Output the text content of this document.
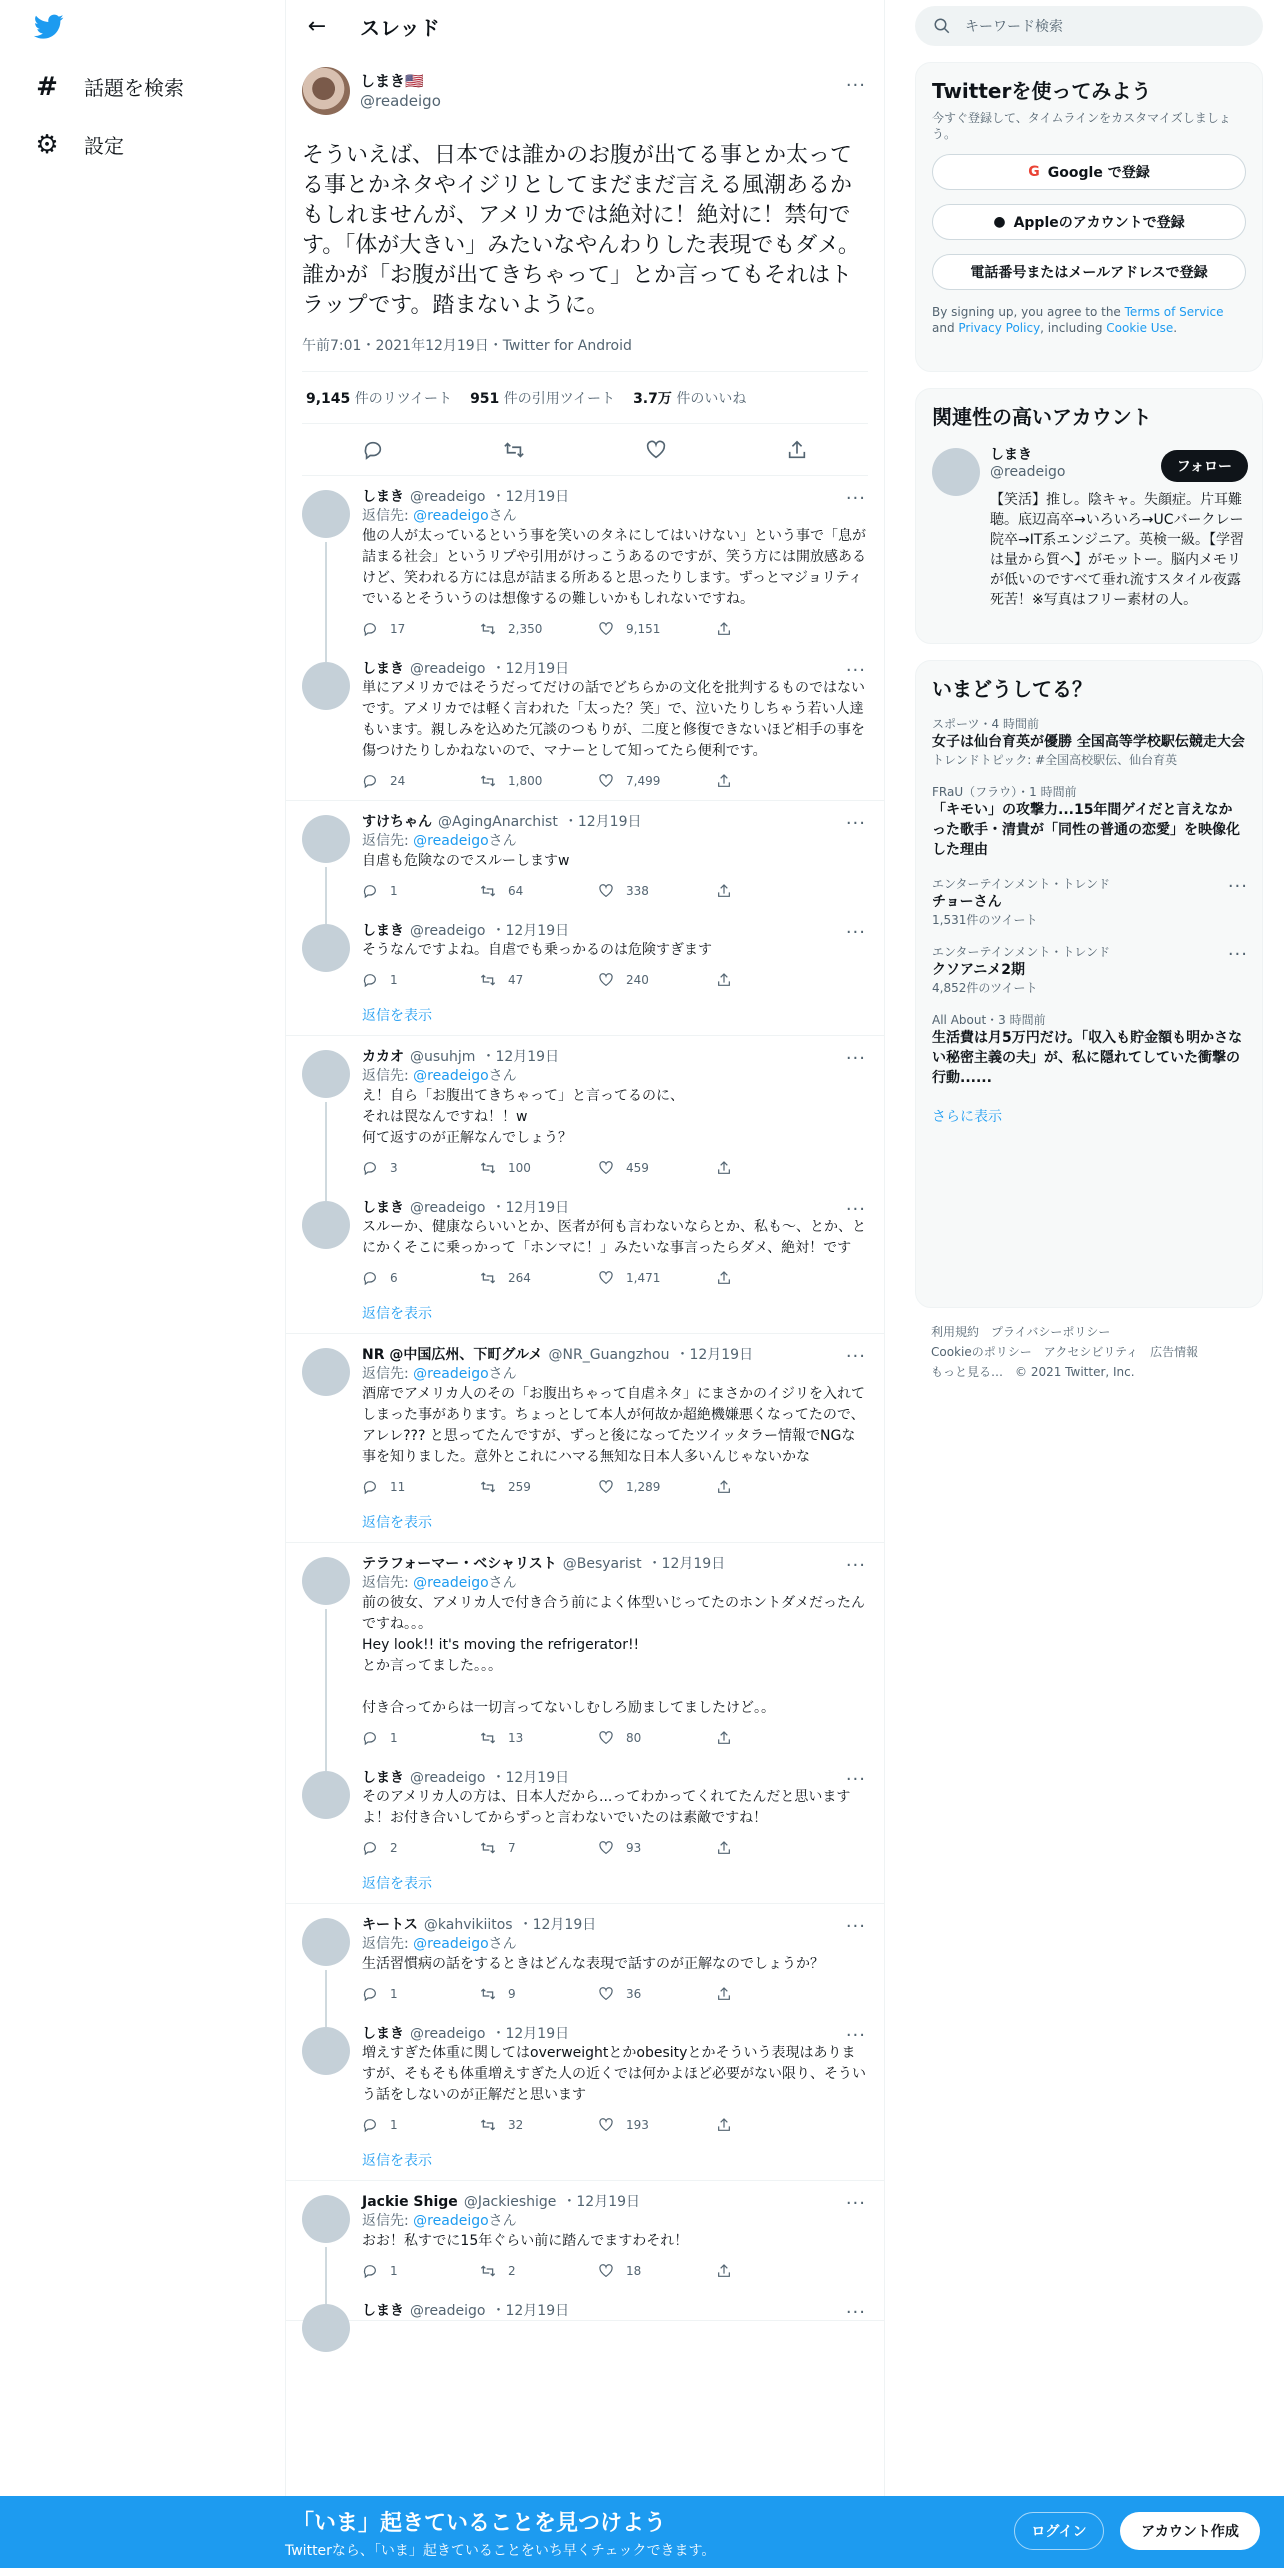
# 話題を検索
⚙ 設定
←	スレッド
しまき🇺🇸
@readeigo
···
そういえば、日本では誰かのお腹が出てる事とか太ってる事とかネタやイジリとしてまだまだ言える風潮あるかもしれませんが、アメリカでは絶対に！絶対に！禁句です。「体が大きい」みたいなやんわりした表現でもダメ。誰かが「お腹が出てきちゃって」とか言ってもそれはトラップです。踏まないように。
午前7:01・2021年12月19日・Twitter for Android
9,145 件のリツイート 951 件の引用ツイート 3.7万 件のいいね
···
しまき @readeigo ・12月19日
返信先: @readeigoさん
他の人が太っているという事を笑いのタネにしてはいけない」という事で「息が詰まる社会」というリプや引用がけっこうあるのですが、笑う方には開放感あるけど、笑われる方には息が詰まる所あると思ったりします。ずっとマジョリティでいるとそういうのは想像するの難しいかもしれないですね。
17	2,350	9,151
···
しまき @readeigo ・12月19日
単にアメリカではそうだってだけの話でどちらかの文化を批判するものではないです。アメリカでは軽く言われた「太った？笑」で、泣いたりしちゃう若い人達もいます。親しみを込めた冗談のつもりが、二度と修復できないほど相手の事を傷つけたりしかねないので、マナーとして知ってたら便利です。
24	1,800	7,499
···
すけちゃん @AgingAnarchist ・12月19日
返信先: @readeigoさん
自虐も危険なのでスルーしますw
1	64	338
···
しまき @readeigo ・12月19日
そうなんですよね。自虐でも乗っかるのは危険すぎます
1	47	240
返信を表示
···
カカオ @usuhjm ・12月19日
返信先: @readeigoさん
え！自ら「お腹出てきちゃって」と言ってるのに、
それは罠なんですね！！w
何て返すのが正解なんでしょう？
3	100	459
···
しまき @readeigo ・12月19日
スルーか、健康ならいいとか、医者が何も言わないならとか、私も〜、とか、とにかくそこに乗っかって「ホンマに！」みたいな事言ったらダメ、絶対！です
6	264	1,471
返信を表示
···
NR @中国広州、下町グルメ @NR_Guangzhou ・12月19日
返信先: @readeigoさん
酒席でアメリカ人のその「お腹出ちゃって自虐ネタ」にまさかのイジリを入れてしまった事があります。ちょっとして本人が何故か超絶機嫌悪くなってたので、アレレ??? と思ってたんですが、ずっと後になってたツイッタラー情報でNGな事を知りました。意外とこれにハマる無知な日本人多いんじゃないかな
11	259	1,289
返信を表示
···
テラフォーマー・ベシャリスト @Besyarist ・12月19日
返信先: @readeigoさん
前の彼女、アメリカ人で付き合う前によく体型いじってたのホントダメだったんですね。。。
Hey look!! it's moving the refrigerator!!
とか言ってました。。。

付き合ってからは一切言ってないしむしろ励ましてましたけど。。
1	13	80
···
しまき @readeigo ・12月19日
そのアメリカ人の方は、日本人だから...ってわかってくれてたんだと思いますよ！お付き合いしてからずっと言わないでいたのは素敵ですね！
2	7	93
返信を表示
···
キートス @kahvikiitos ・12月19日
返信先: @readeigoさん
生活習慣病の話をするときはどんな表現で話すのが正解なのでしょうか？
1	9	36
···
しまき @readeigo ・12月19日
増えすぎた体重に関してはoverweightとかobesityとかそういう表現はありますが、そもそも体重増えすぎた人の近くでは何かよほど必要がない限り、そういう話をしないのが正解だと思います
1	32	193
返信を表示
···
Jackie Shige @Jackieshige ・12月19日
返信先: @readeigoさん
おお！私すでに15年ぐらい前に踏んでますわそれ！
1	2	18
···
しまき @readeigo ・12月19日
キーワード検索
Twitterを使ってみよう
今すぐ登録して、タイムラインをカスタマイズしましょう。
G Google で登録
● Appleのアカウントで登録
電話番号またはメールアドレスで登録
By signing up, you agree to the Terms of Service and Privacy Policy, including Cookie Use.
関連性の高いアカウント
しまき
@readeigo	フォロー
【笑活】推し。陰キャ。失顔症。片耳難聴。底辺高卒→いろいろ→UCバークレー院卒→IT系エンジニア。英検一級。【学習は量から質へ】がモットー。脳内メモリが低いのですべて垂れ流すスタイル夜露死苦！※写真はフリー素材の人。
いまどうしてる？
スポーツ・4 時間前
女子は仙台育英が優勝 全国高等学校駅伝競走大会
トレンドトピック: #全国高校駅伝、仙台育英
FRaU（フラウ）・1 時間前
「キモい」の攻撃力...15年間ゲイだと言えなかった歌手・清貴が「同性の普通の恋愛」を映像化した理由
エンターテインメント・トレンド
チョーさん
1,531件のツイート
···
エンターテインメント・トレンド
クソアニメ2期
4,852件のツイート
···
All About・3 時間前
生活費は月5万円だけ。「収入も貯金額も明かさない秘密主義の夫」が、私に隠れてしていた衝撃の行動......
さらに表示
利用規約　プライバシーポリシー
Cookieのポリシー　アクセシビリティ　広告情報
もっと見る…　© 2021 Twitter, Inc.
「いま」起きていることを見つけよう
Twitterなら、「いま」起きていることをいち早くチェックできます。
ログイン	アカウント作成
